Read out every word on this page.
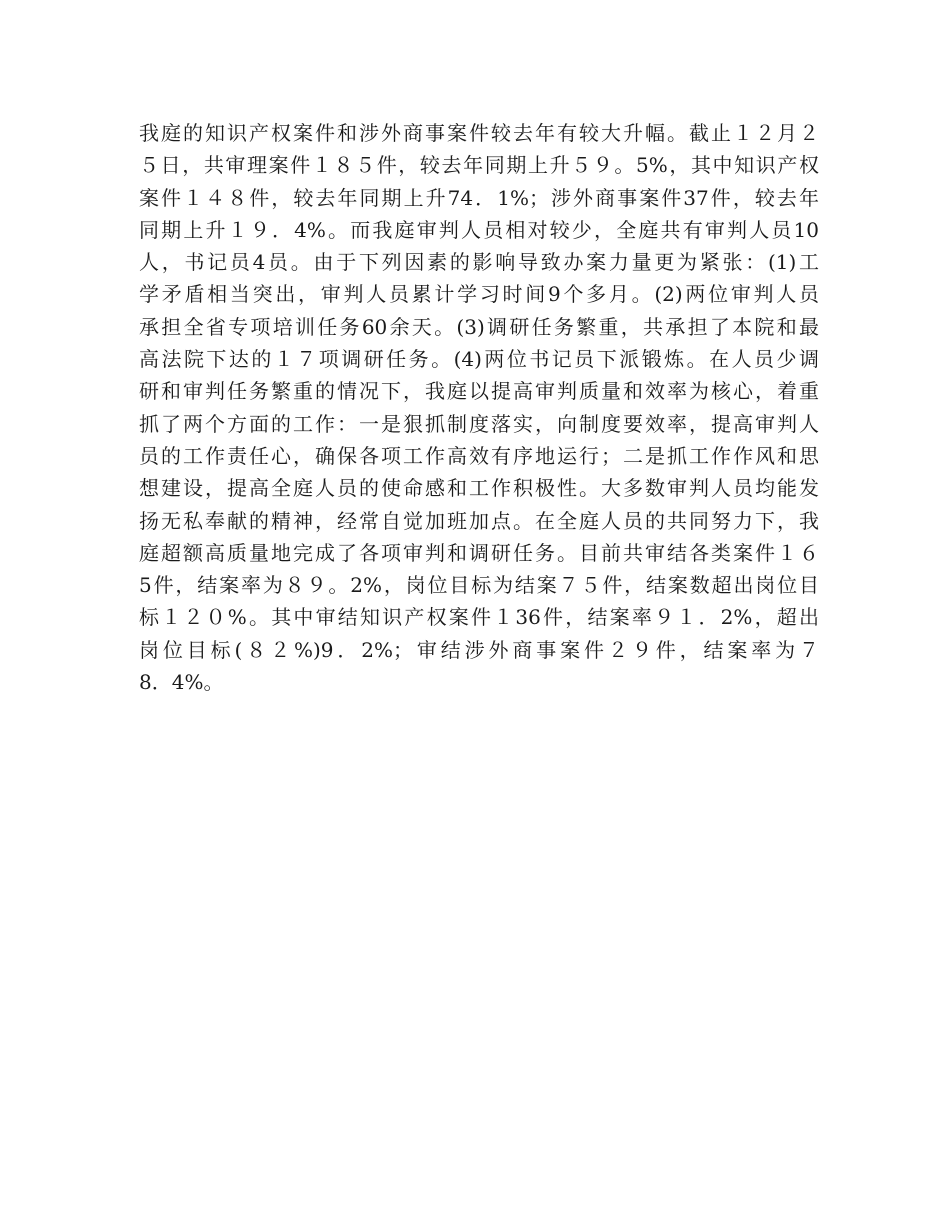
我庭的知识产权案件和涉外商事案件较去年有较大升幅。截止１２月２
５日，共审理案件１８５件，较去年同期上升５９。5%，其中知识产权
案件１４８件，较去年同期上升74．1%；涉外商事案件37件，较去年
同期上升１９．4%。而我庭审判人员相对较少，全庭共有审判人员10
人，书记员4员。由于下列因素的影响导致办案力量更为紧张：(1)工
学矛盾相当突出，审判人员累计学习时间9个多月。(2)两位审判人员
承担全省专项培训任务60余天。(3)调研任务繁重，共承担了本院和最
高法院下达的１７项调研任务。(4)两位书记员下派锻炼。在人员少调
研和审判任务繁重的情况下，我庭以提高审判质量和效率为核心，着重
抓了两个方面的工作：一是狠抓制度落实，向制度要效率，提高审判人
员的工作责任心，确保各项工作高效有序地运行；二是抓工作作风和思
想建设，提高全庭人员的使命感和工作积极性。大多数审判人员均能发
扬无私奉献的精神，经常自觉加班加点。在全庭人员的共同努力下，我
庭超额高质量地完成了各项审判和调研任务。目前共审结各类案件１６
5件，结案率为８９。2%，岗位目标为结案７５件，结案数超出岗位目
标１２０%。其中审结知识产权案件１36件，结案率９１．2%，超出
岗位目标(８２%)9．2%；审结涉外商事案件２９件，结案率为７
8．4%。
